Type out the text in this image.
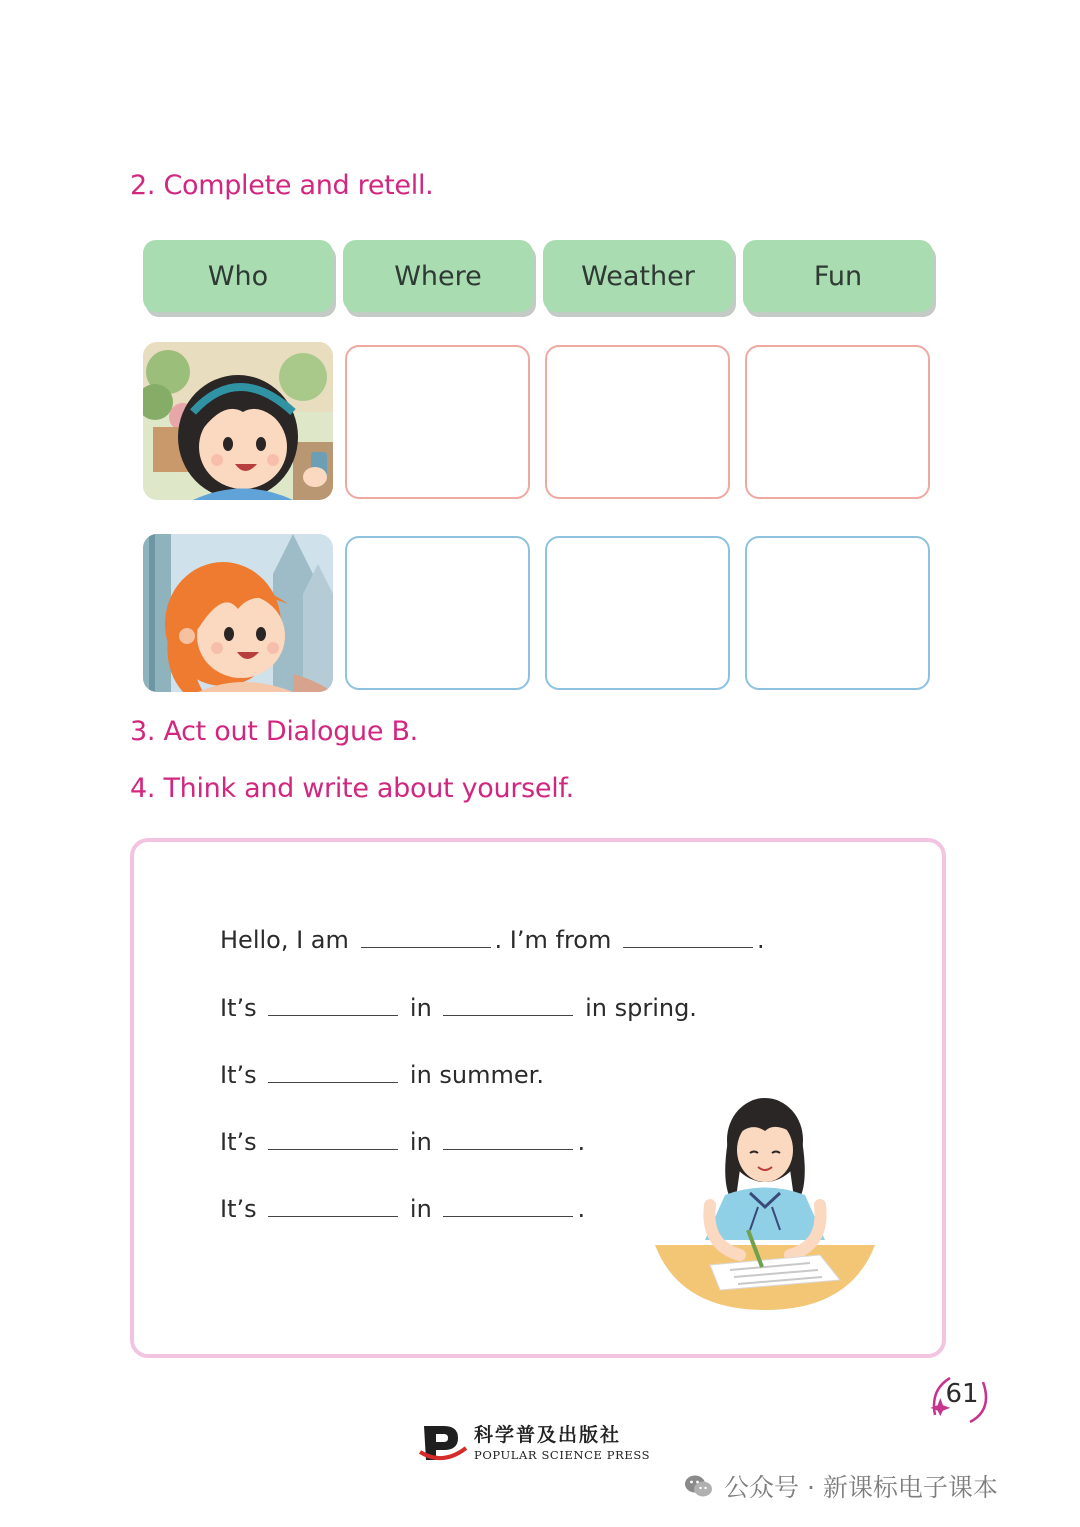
2. Complete and retell.
Who	Where	Weather	Fun
3. Act out Dialogue B.
4. Think and write about yourself.
Hello, I am	. I’m from	.
It’s	in	in spring.
It’s	in summer.
It’s	in	.
It’s	in	.
61
科学普及出版社
POPULAR SCIENCE PRESS
公众号 · 新课标电子课本
